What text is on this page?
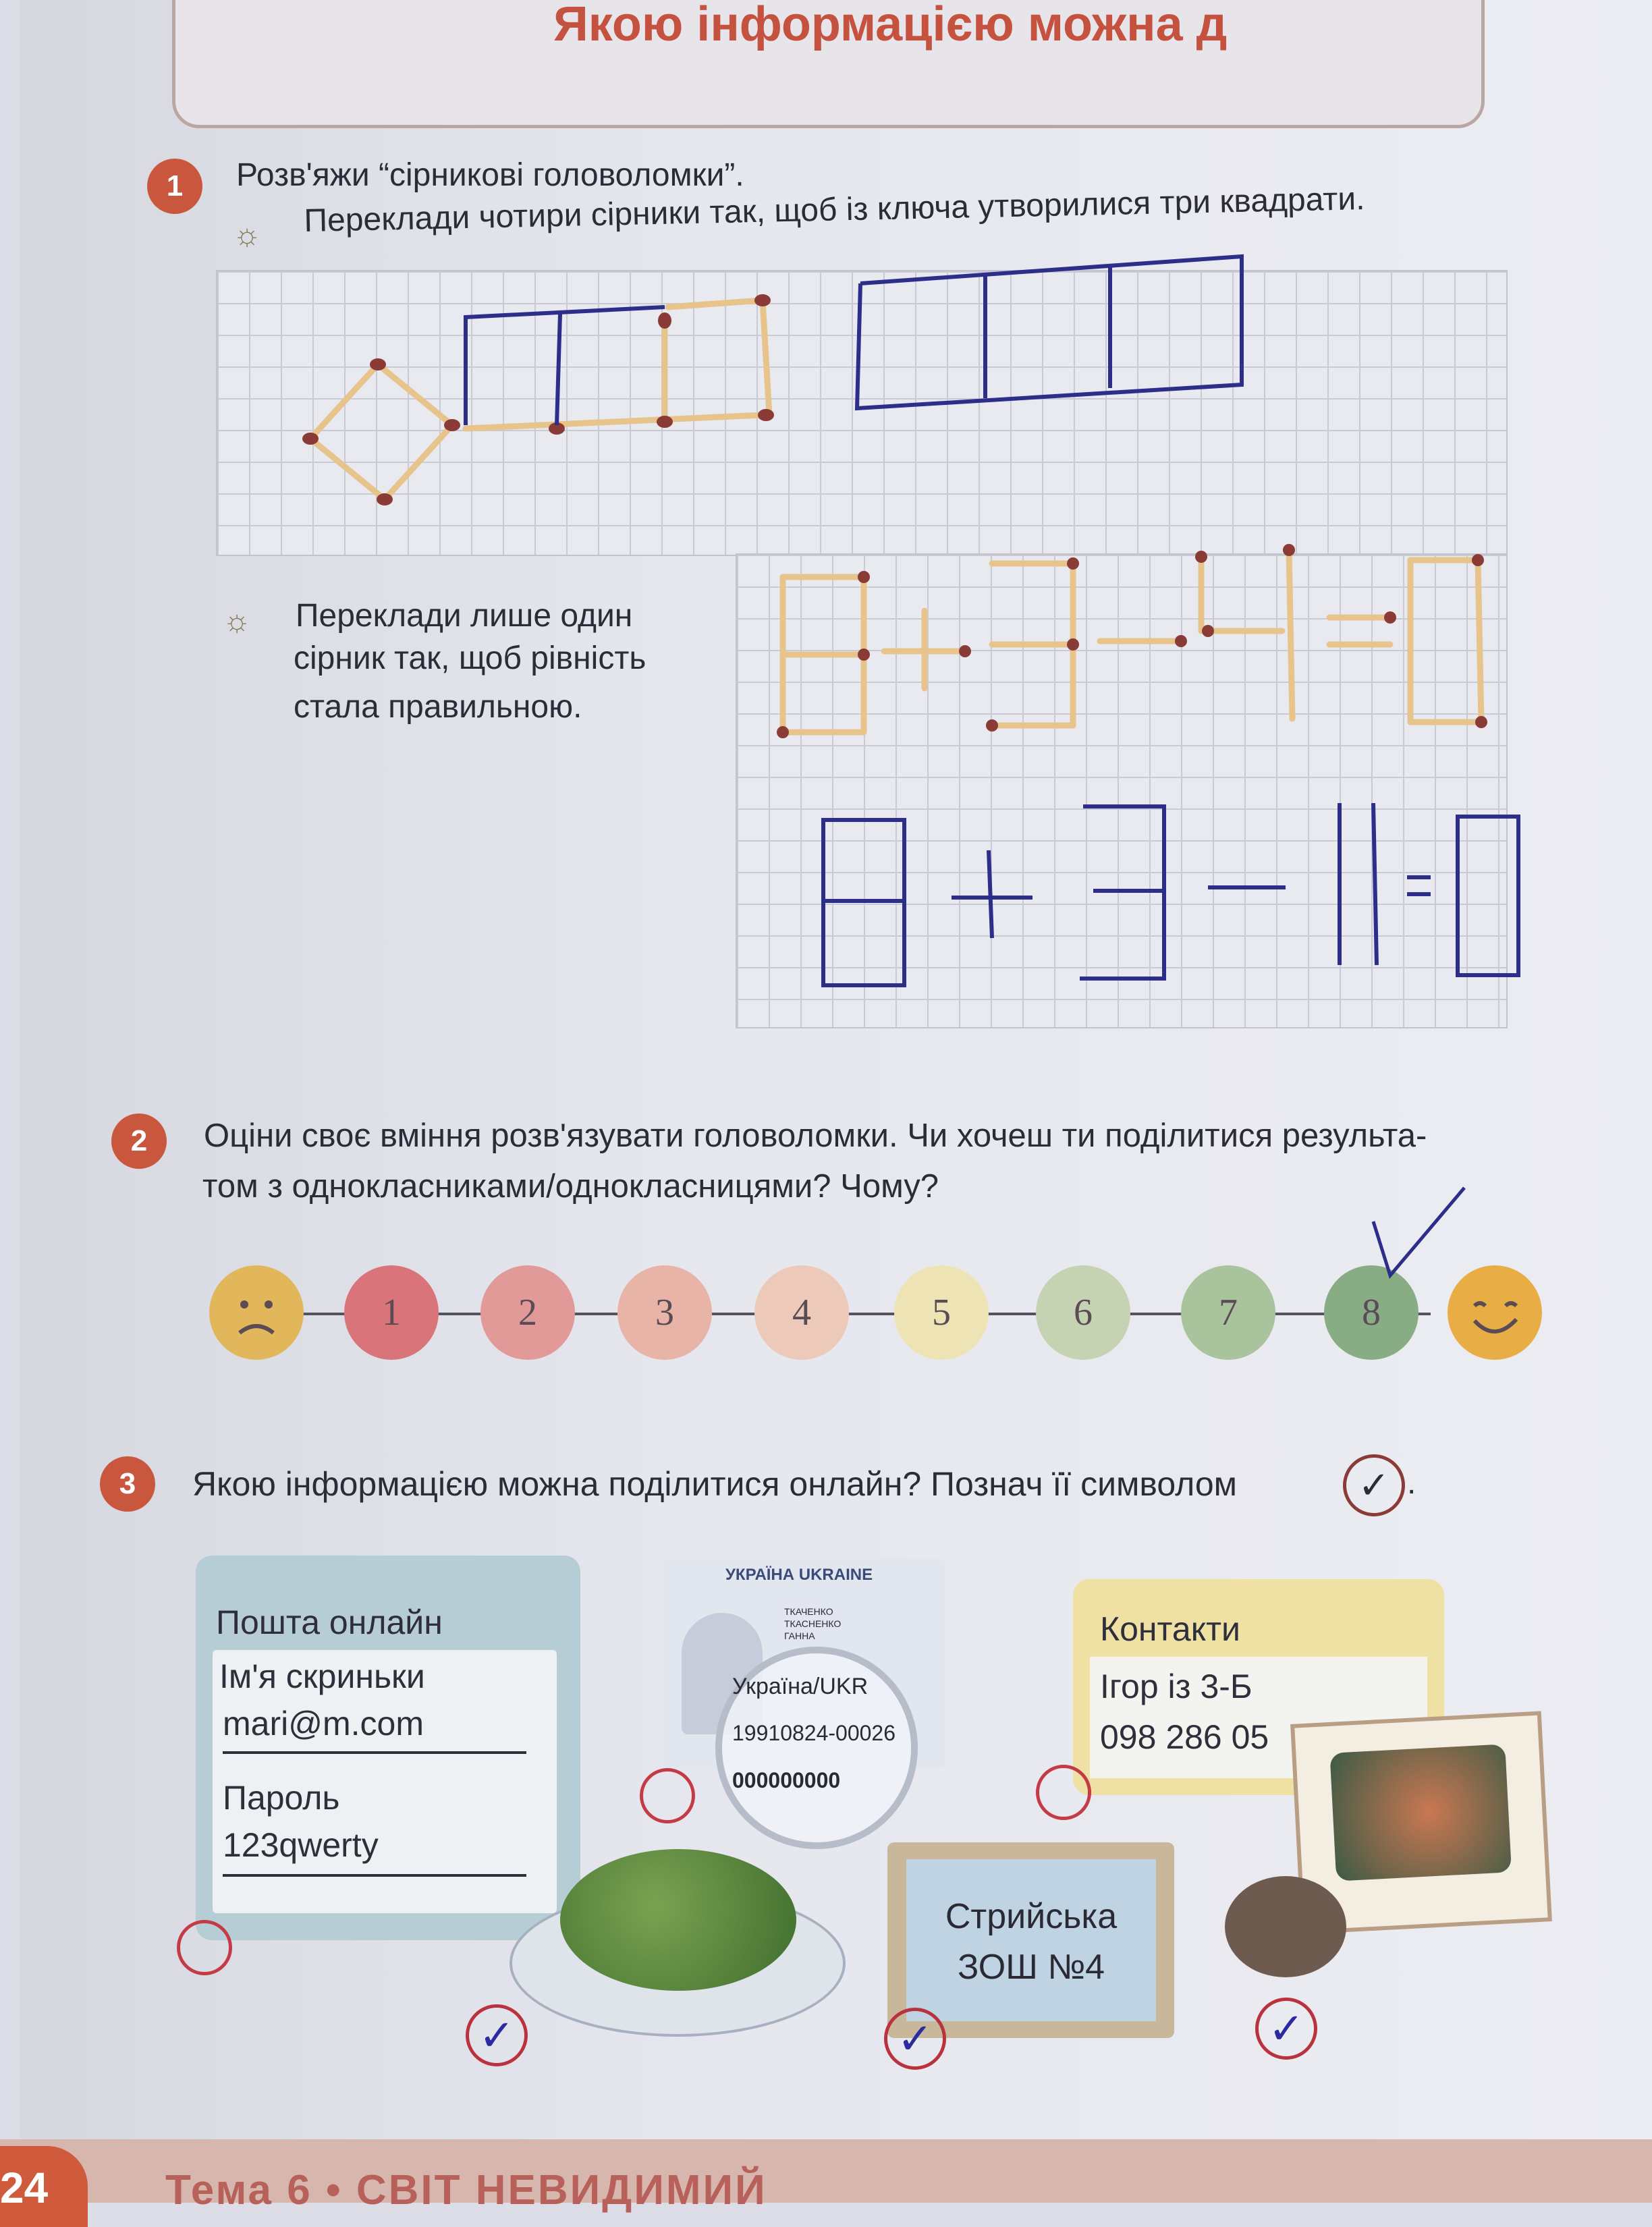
Якою інформацією можна д
1	Розв'яжи “сірникові головоломки”.
☼ Переклади чотири сірники так, щоб із ключа утворилися три квадрати.
☼ Переклади лише один
сірник так, щоб рівність
стала правильною.
2	Оціни своє вміння розв'язувати головоломки. Чи хочеш ти поділитися результа-
том з однокласниками/однокласницями? Чому?
1	2	3	4	5	6	7	8
3	Якою інформацією можна поділитися онлайн? Познач її символом	✓ .
Пошта онлайн
Ім'я скриньки
mari@m.com
Пароль
123qwerty
✓
УКРАЇНА UKRAINE
ТКАЧЕНКО
ТКАСНЕНКО
ГАННА
Україна/UKR
19910824-00026
000000000
Стрийська
ЗОШ №4
✓
Контакти
Ігор із 3-Б
098 286 05
✓
24	Тема 6 • СВІТ НЕВИДИМИЙ
